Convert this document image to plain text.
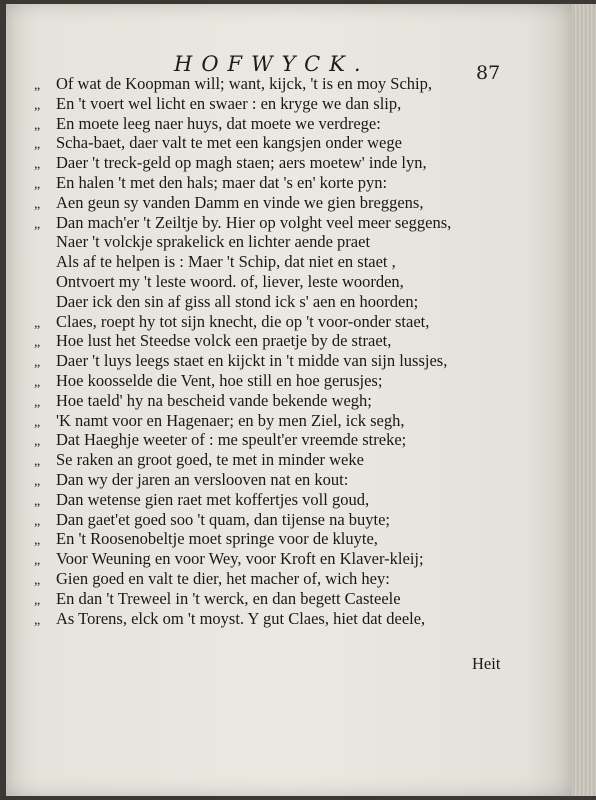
HOFWYCK.	87
„ Of wat de Koopman will; want, kijck, 't is en moy Schip,
„ En 't voert wel licht en swaer : en kryge we dan slip,
„ En moete leeg naer huys, dat moete we verdrege:
„ Scha-baet, daer valt te met een kangsjen onder wege
„ Daer 't treck-geld op magh staen; aers moetew' inde lyn,
„ En halen 't met den hals; maer dat 's en' korte pyn:
„ Aen geun sy vanden Damm en vinde we gien breggens,
„ Dan mach'er 't Zeiltje by. Hier op volght veel meer seggens,
Naer 't volckje sprakelick en lichter aende praet
Als af te helpen is : Maer 't Schip, dat niet en staet ,
Ontvoert my 't leste woord. of, liever, leste woorden,
Daer ick den sin af giss all stond ick s' aen en hoorden;
„ Claes, roept hy tot sijn knecht, die op 't voor-onder staet,
„ Hoe lust het Steedse volck een praetje by de straet,
„ Daer 't luys leegs staet en kijckt in 't midde van sijn lussjes,
„ Hoe koosselde die Vent, hoe still en hoe gerusjes;
„ Hoe taeld' hy na bescheid vande bekende wegh;
„ 'K namt voor en Hagenaer; en by men Ziel, ick segh,
„ Dat Haeghje weeter of : me speult'er vreemde streke;
„ Se raken an groot goed, te met in minder weke
„ Dan wy der jaren an verslooven nat en kout:
„ Dan wetense gien raet met koffertjes voll goud,
„ Dan gaet'et goed soo 't quam, dan tijense na buyte;
„ En 't Roosenobeltje moet springe voor de kluyte,
„ Voor Weuning en voor Wey, voor Kroft en Klaver-kleij;
„ Gien goed en valt te dier, het macher of, wich hey:
„ En dan 't Treweel in 't werck, en dan begett Casteele
„ As Torens, elck om 't moyst. Y gut Claes, hiet dat deele,
Heit
